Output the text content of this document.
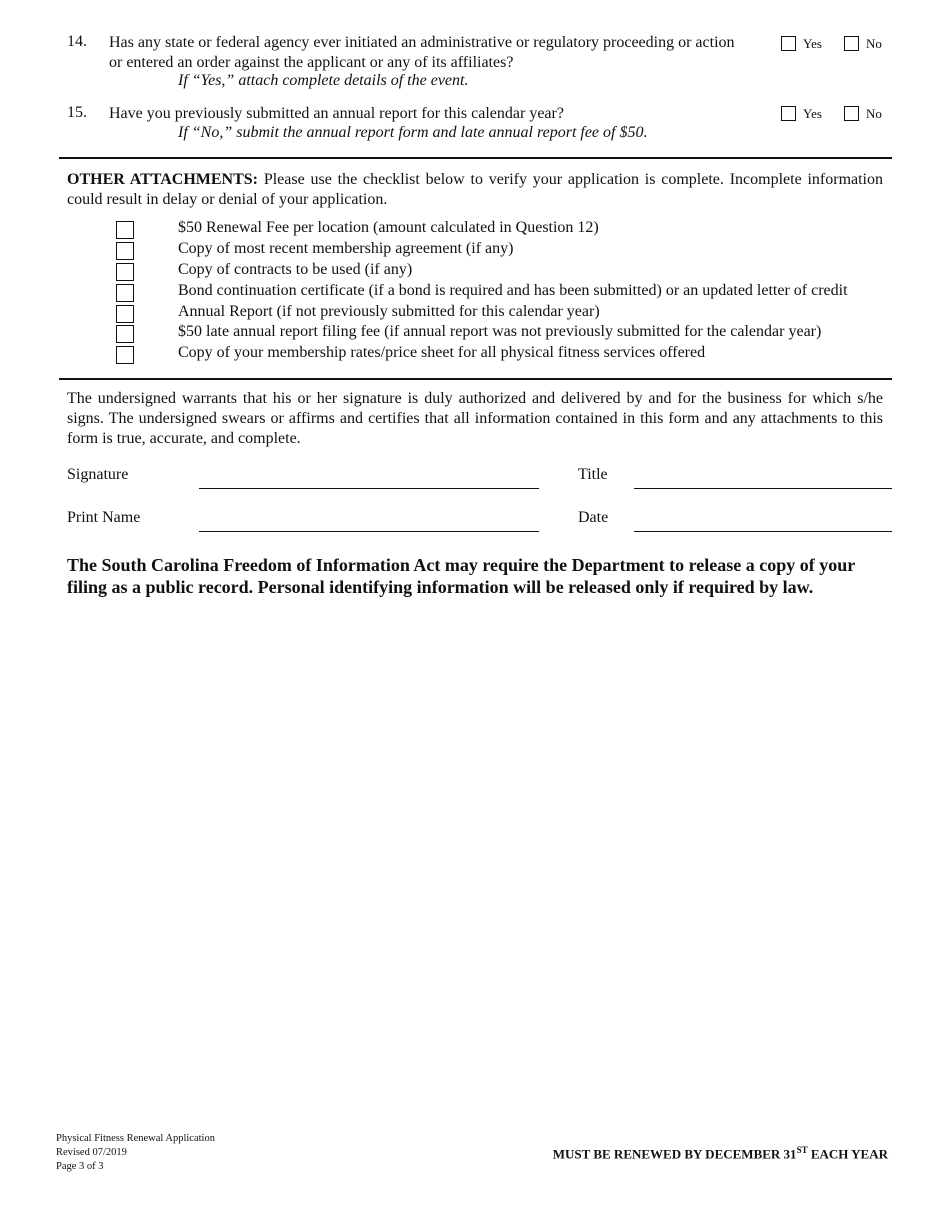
14. Has any state or federal agency ever initiated an administrative or regulatory proceeding or action
or entered an order against the applicant or any of its affiliates?
If “Yes,” attach complete details of the event.
Yes	No
15. Have you previously submitted an annual report for this calendar year?
If “No,” submit the annual report form and late annual report fee of $50.
Yes	No
OTHER ATTACHMENTS: Please use the checklist below to verify your application is complete. Incomplete information could result in delay or denial of your application.
$50 Renewal Fee per location (amount calculated in Question 12)
Copy of most recent membership agreement (if any)
Copy of contracts to be used (if any)
Bond continuation certificate (if a bond is required and has been submitted) or an updated letter of credit
Annual Report (if not previously submitted for this calendar year)
$50 late annual report filing fee (if annual report was not previously submitted for the calendar year)
Copy of your membership rates/price sheet for all physical fitness services offered
The undersigned warrants that his or her signature is duly authorized and delivered by and for the business for which s/he signs. The undersigned swears or affirms and certifies that all information contained in this form and any attachments to this form is true, accurate, and complete.
Signature	Title
Print Name	Date
The South Carolina Freedom of Information Act may require the Department to release a copy of your filing as a public record. Personal identifying information will be released only if required by law.
Physical Fitness Renewal Application
Revised 07/2019
Page 3 of 3
MUST BE RENEWED BY DECEMBER 31ST EACH YEAR
